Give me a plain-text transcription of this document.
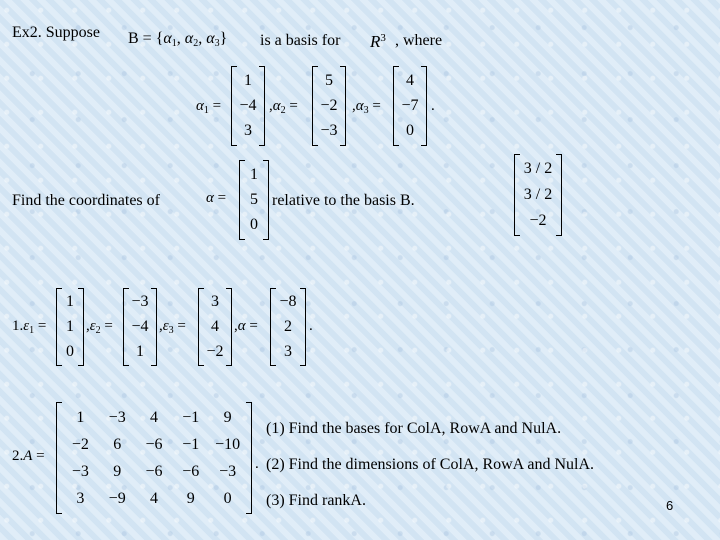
Ex2. Suppose $B = \{\alpha_1$, $\alpha_2$, $\alpha_3$} is a basis for $R^3$ , where
$\alpha_1$ =
1
−4
3
$,\alpha_2$ =
5
−2
−3
$,\alpha_3$ =
4
−7
0
.
Find the coordinates of	α =
1
5
0
relative to the basis B.
3 / 2
3 / 2
−2
$1.\varepsilon_1$ =
1
1
0
$,\varepsilon_2$ =
−3
−4
1
$,\varepsilon_3$ =
3
4
−2
,α =
−8
2
3
.
2.A =
1 −3 4 −1 9
−2 6 −6 −1 −10
−3 9 −6 −6 −3
3 −9 4 9 0
.
(1) Find the bases for ColA, RowA and NulA.
(2) Find the dimensions of ColA, RowA and NulA.
(3) Find rankA.	6
